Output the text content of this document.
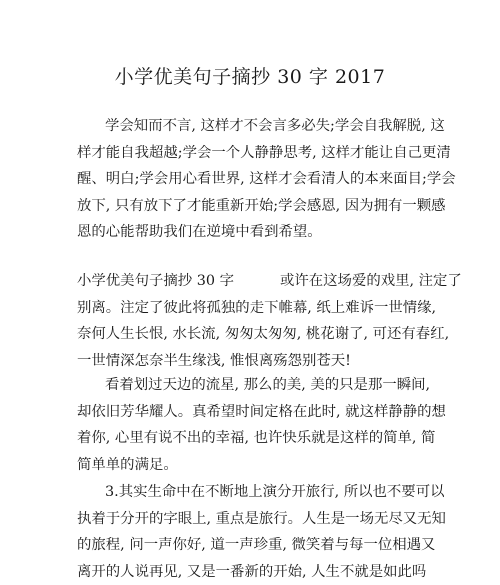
小学优美句子摘抄 30 字 2017
学会知而不言, 这样才不会言多必失;学会自我解脱, 这
样才能自我超越;学会一个人静静思考, 这样才能让自己更清
醒、明白;学会用心看世界, 这样才会看清人的本来面目;学会
放下, 只有放下了才能重新开始;学会感恩, 因为拥有一颗感
恩的心能帮助我们在逆境中看到希望。
小学优美句子摘抄 30 字	或许在这场爱的戏里, 注定了
别离。注定了彼此将孤独的走下帷幕, 纸上难诉一世情缘,
奈何人生长恨, 水长流, 匆匆太匆匆, 桃花谢了, 可还有春红,
一世情深怎奈半生缘浅, 惟恨离殇怨别苍天!
看着划过天边的流星, 那么的美, 美的只是那一瞬间,
却依旧芳华耀人。真希望时间定格在此时, 就这样静静的想
着你, 心里有说不出的幸福, 也许快乐就是这样的简单, 简
简单单的满足。
3.其实生命中在不断地上演分开旅行, 所以也不要可以
执着于分开的字眼上, 重点是旅行。人生是一场无尽又无知
的旅程, 问一声你好, 道一声珍重, 微笑着与每一位相遇又
离开的人说再见, 又是一番新的开始, 人生不就是如此吗
